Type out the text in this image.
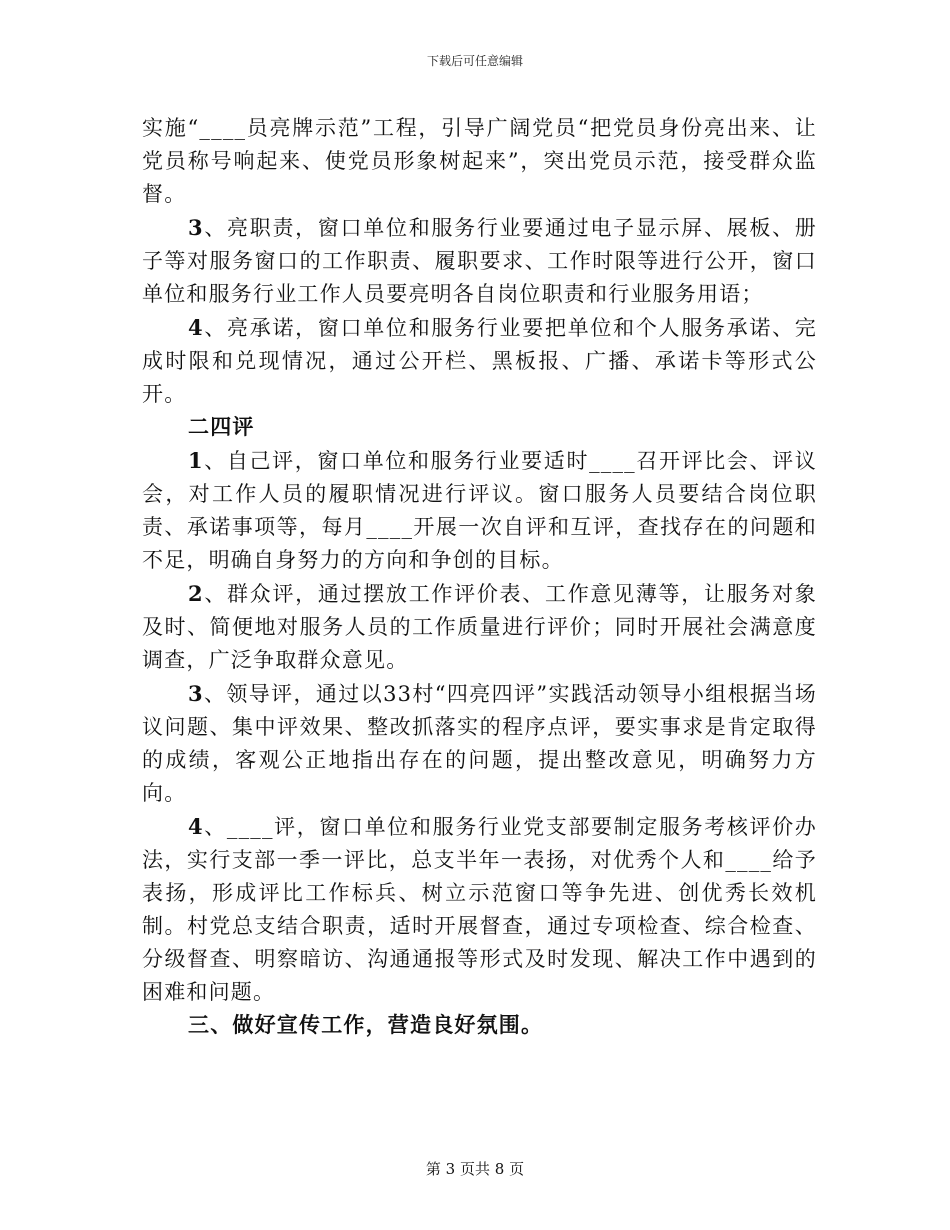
下载后可任意编辑

实施“____员亮牌示范”工程，引导广阔党员“把党员身份亮出来、让党员称号响起来、使党员形象树起来”，突出党员示范，接受群众监督。

3、亮职责，窗口单位和服务行业要通过电子显示屏、展板、册子等对服务窗口的工作职责、履职要求、工作时限等进行公开，窗口单位和服务行业工作人员要亮明各自岗位职责和行业服务用语；

4、亮承诺，窗口单位和服务行业要把单位和个人服务承诺、完成时限和兑现情况，通过公开栏、黑板报、广播、承诺卡等形式公开。

二四评

1、自己评，窗口单位和服务行业要适时____召开评比会、评议会，对工作人员的履职情况进行评议。窗口服务人员要结合岗位职责、承诺事项等，每月____开展一次自评和互评，查找存在的问题和不足，明确自身努力的方向和争创的目标。

2、群众评，通过摆放工作评价表、工作意见薄等，让服务对象及时、简便地对服务人员的工作质量进行评价；同时开展社会满意度调查，广泛争取群众意见。

3、领导评，通过以33村“四亮四评”实践活动领导小组根据当场议问题、集中评效果、整改抓落实的程序点评，要实事求是肯定取得的成绩，客观公正地指出存在的问题，提出整改意见，明确努力方向。

4、____评，窗口单位和服务行业党支部要制定服务考核评价办法，实行支部一季一评比，总支半年一表扬，对优秀个人和____给予表扬，形成评比工作标兵、树立示范窗口等争先进、创优秀长效机制。村党总支结合职责，适时开展督查，通过专项检查、综合检查、分级督查、明察暗访、沟通通报等形式及时发现、解决工作中遇到的困难和问题。

三、做好宣传工作，营造良好氛围。

第 3 页共 8 页
